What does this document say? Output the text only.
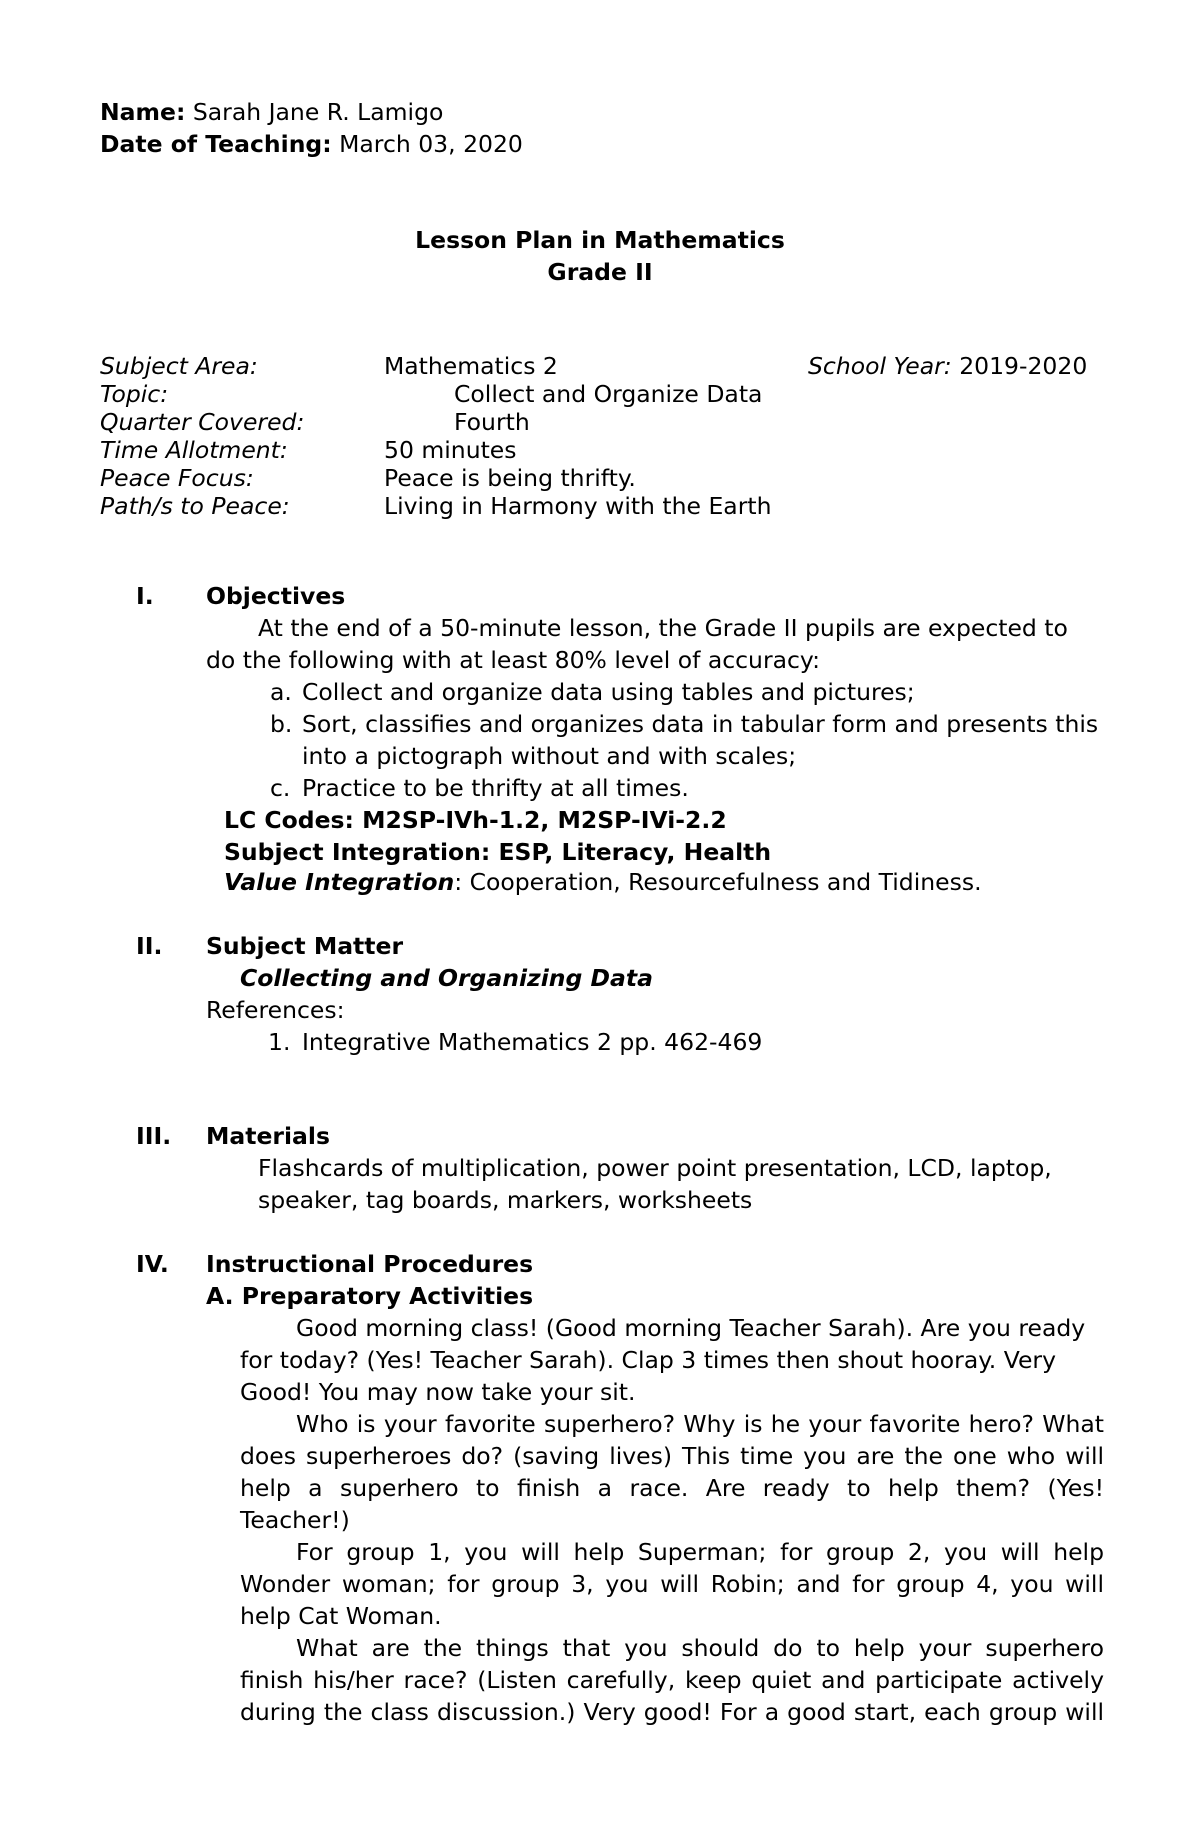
Name: Sarah Jane R. Lamigo
Date of Teaching: March 03, 2020
Lesson Plan in Mathematics
Grade II
Subject Area:	Mathematics 2	School Year: 2019-2020
Topic:	Collect and Organize Data
Quarter Covered:	Fourth
Time Allotment:	50 minutes
Peace Focus:	Peace is being thrifty.
Path/s to Peace:	Living in Harmony with the Earth
I. Objectives
At the end of a 50-minute lesson, the Grade II pupils are expected to
do the following with at least 80% level of accuracy:
a. Collect and organize data using tables and pictures;
b. Sort, classifies and organizes data in tabular form and presents this
into a pictograph without and with scales;
c. Practice to be thrifty at all times.
LC Codes: M2SP-IVh-1.2, M2SP-IVi-2.2
Subject Integration: ESP, Literacy, Health
Value Integration: Cooperation, Resourcefulness and Tidiness.
II. Subject Matter
Collecting and Organizing Data
References:
1. Integrative Mathematics 2 pp. 462-469
III. Materials
Flashcards of multiplication, power point presentation, LCD, laptop,
speaker, tag boards, markers, worksheets
IV. Instructional Procedures
A. Preparatory Activities
Good morning class! (Good morning Teacher Sarah). Are you ready
for today? (Yes! Teacher Sarah). Clap 3 times then shout hooray. Very
Good! You may now take your sit.
Who is your favorite superhero? Why is he your favorite hero? What
does superheroes do? (saving lives) This time you are the one who will
help a superhero to finish a race. Are ready to help them? (Yes!
Teacher!)
For group 1, you will help Superman; for group 2, you will help
Wonder woman; for group 3, you will Robin; and for group 4, you will
help Cat Woman.
What are the things that you should do to help your superhero
finish his/her race? (Listen carefully, keep quiet and participate actively
during the class discussion.) Very good! For a good start, each group will
